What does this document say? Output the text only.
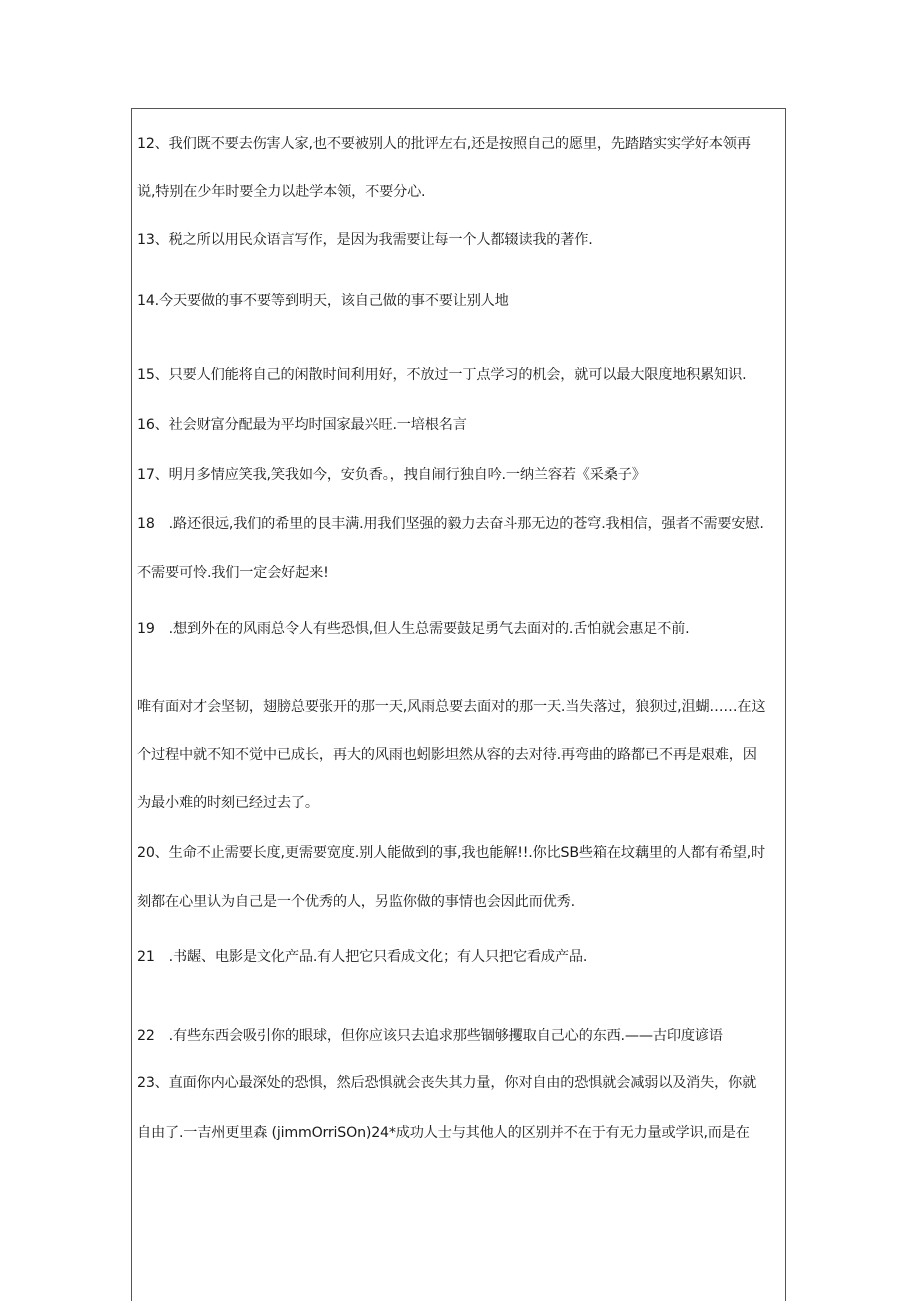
12、我们既不要去伤害人家,也不要被别人的批评左右,还是按照自己的愿里，先踏踏实实学好本领再
说,特别在少年时要全力以赴学本领，不要分心.
13、税之所以用民众语言写作，是因为我需要让每一个人都辍读我的著作.
14.今天要做的事不要等到明天，该自己做的事不要让别人地
15、只要人们能将自己的闲散时间利用好，不放过一丁点学习的机会，就可以最大限度地积累知识.
16、社会财富分配最为平均时国家最兴旺.一培根名言
17、明月多情应笑我,笑我如今，安负香。，拽自闹行独自吟.一纳兰容若《采桑子》
18　.路还很远,我们的希里的艮丰满.用我们坚强的毅力去奋斗那无边的苍穹.我相信，强者不需要安慰.
不需要可怜.我们一定会好起来!
19　.想到外在的风雨总令人有些恐惧,但人生总需要鼓足勇气去面对的.舌怕就会惠足不前.
唯有面对才会坚韧，翅膀总要张开的那一天,风雨总要去面对的那一天.当失落过，狼狈过,沮蝴……在这
个过程中就不知不觉中已成长，再大的风雨也蚓影坦然从容的去对待.再弯曲的路都已不再是艰难，因
为最小难的时刻已经过去了。
20、生命不止需要长度,更需要宽度.别人能做到的事,我也能解!!.你比SB些箱在坟藕里的人都有希望,时
刻都在心里认为自己是一个优秀的人，另监你做的事情也会因此而优秀.
21　.书龌、电影是文化产品.有人把它只看成文化；有人只把它看成产品.
22　.有些东西会吸引你的眼球，但你应该只去追求那些锢够攫取自己心的东西.——古印度谚语
23、直面你内心最深处的恐惧，然后恐惧就会丧失其力量，你对自由的恐惧就会减弱以及消失，你就
自由了.一吉州更里森 (jimmOrriSOn)24*成功人士与其他人的区别并不在于有无力量或学识,而是在
